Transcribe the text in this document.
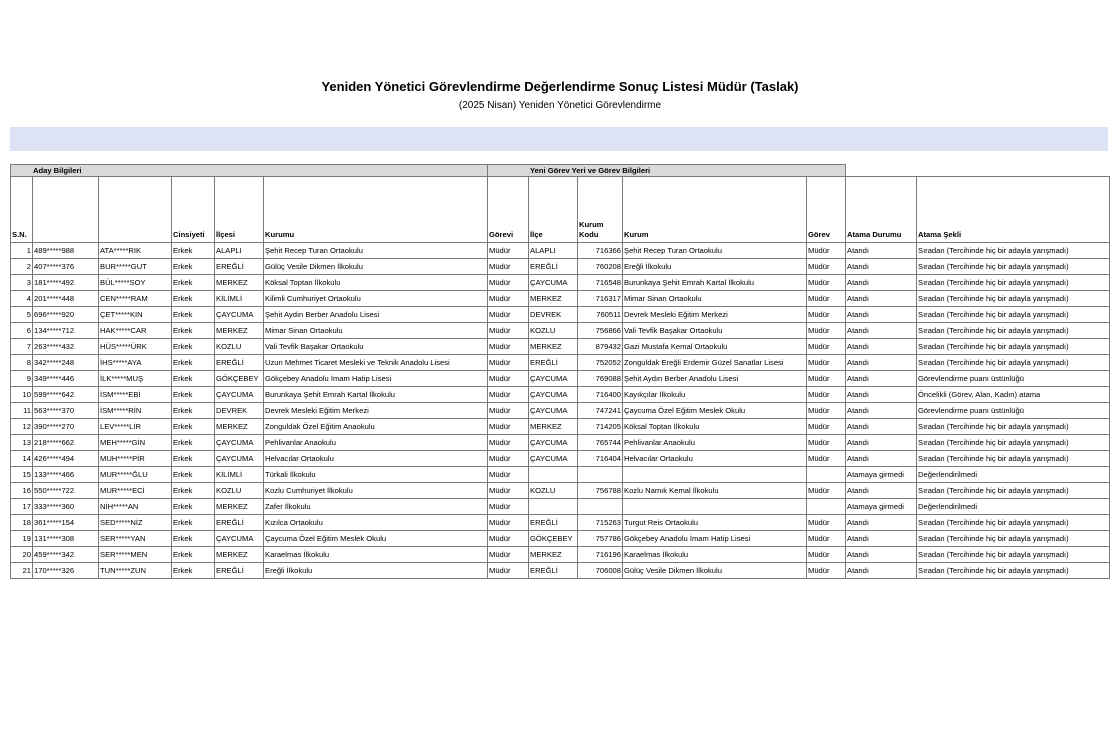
Yeniden Yönetici Görevlendirme Değerlendirme Sonuç Listesi Müdür (Taslak)
(2025 Nisan) Yeniden Yönetici Görevlendirme
Aday Bilgileri						Yeni Görev Yeri ve Görev Bilgileri						
S.N.			Cinsiyeti	İlçesi	Kurumu	Görevi	İlçe	Kurum Kodu	Kurum	Görev	Atama Durumu	Atama Şekli
1	489*****988	ATA*****RIK	Erkek	ALAPLI	Şehit Recep Turan Ortaokulu	Müdür	ALAPLI	716366	Şehit Recep Turan Ortaokulu	Müdür	Atandı	Sıradan (Tercihinde hiç bir adayla yarışmadı)
2	407*****376	BUR*****GUT	Erkek	EREĞLİ	Gülüç Vesile Dikmen İlkokulu	Müdür	EREĞLİ	760208	Ereğli İlkokulu	Müdür	Atandı	Sıradan (Tercihinde hiç bir adayla yarışmadı)
3	181*****492	BÜL*****SOY	Erkek	MERKEZ	Köksal Toptan İlkokulu	Müdür	ÇAYCUMA	716548	Burunkaya Şehit Emrah Kartal İlkokulu	Müdür	Atandı	Sıradan (Tercihinde hiç bir adayla yarışmadı)
4	201*****448	CEN*****RAM	Erkek	KİLİMLİ	Kilimli Cumhuriyet Ortaokulu	Müdür	MERKEZ	716317	Mimar Sinan Ortaokulu	Müdür	Atandı	Sıradan (Tercihinde hiç bir adayla yarışmadı)
5	696*****920	ÇET*****KIN	Erkek	ÇAYCUMA	Şehit Aydın Berber Anadolu Lisesi	Müdür	DEVREK	760511	Devrek Mesleki Eğitim Merkezi	Müdür	Atandı	Sıradan (Tercihinde hiç bir adayla yarışmadı)
6	134*****712	HAK*****CAR	Erkek	MERKEZ	Mimar Sinan Ortaokulu	Müdür	KOZLU	756866	Vali Tevfik Başakar Ortaokulu	Müdür	Atandı	Sıradan (Tercihinde hiç bir adayla yarışmadı)
7	263*****432	HÜS*****ÜRK	Erkek	KOZLU	Vali Tevfik Başakar Ortaokulu	Müdür	MERKEZ	879432	Gazi Mustafa Kemal Ortaokulu	Müdür	Atandı	Sıradan (Tercihinde hiç bir adayla yarışmadı)
8	342*****248	İHS*****AYA	Erkek	EREĞLİ	Uzun Mehmet Ticaret Mesleki ve Teknik Anadolu Lisesi	Müdür	EREĞLİ	752052	Zonguldak Ereğli Erdemir Güzel Sanatlar Lisesi	Müdür	Atandı	Sıradan (Tercihinde hiç bir adayla yarışmadı)
9	349*****446	İLK*****MUŞ	Erkek	GÖKÇEBEY	Gökçebey Anadolu İmam Hatip Lisesi	Müdür	ÇAYCUMA	769088	Şehit Aydın Berber Anadolu Lisesi	Müdür	Atandı	Görevlendirme puanı üstünlüğü
10	599*****642	İSM*****EBİ	Erkek	ÇAYCUMA	Burunkaya Şehit Emrah Kartal İlkokulu	Müdür	ÇAYCUMA	716400	Kayıkçılar İlkokulu	Müdür	Atandı	Öncelikli (Görev, Alan, Kadın) atama
11	563*****370	İSM*****RİN	Erkek	DEVREK	Devrek Mesleki Eğitim Merkezi	Müdür	ÇAYCUMA	747241	Çaycuma Özel Eğitim Meslek Okulu	Müdür	Atandı	Görevlendirme puanı üstünlüğü
12	390*****270	LEV*****LİR	Erkek	MERKEZ	Zonguldak Özel Eğitim Anaokulu	Müdür	MERKEZ	714205	Köksal Toptan İlkokulu	Müdür	Atandı	Sıradan (Tercihinde hiç bir adayla yarışmadı)
13	218*****662	MEH*****GİN	Erkek	ÇAYCUMA	Pehlivanlar Anaokulu	Müdür	ÇAYCUMA	765744	Pehlivanlar Anaokulu	Müdür	Atandı	Sıradan (Tercihinde hiç bir adayla yarışmadı)
14	426*****494	MUH*****PİR	Erkek	ÇAYCUMA	Helvacılar Ortaokulu	Müdür	ÇAYCUMA	716404	Helvacılar Ortaokulu	Müdür	Atandı	Sıradan (Tercihinde hiç bir adayla yarışmadı)
15	133*****466	MUR*****ĞLU	Erkek	KİLİMLİ	Türkali İlkokulu	Müdür					Atamaya girmedi	Değerlendirilmedi
16	550*****722	MUR*****ECİ	Erkek	KOZLU	Kozlu Cumhuriyet İlkokulu	Müdür	KOZLU	756788	Kozlu Namık Kemal İlkokulu	Müdür	Atandı	Sıradan (Tercihinde hiç bir adayla yarışmadı)
17	333*****360	NİH*****AN	Erkek	MERKEZ	Zafer İlkokulu	Müdür					Atamaya girmedi	Değerlendirilmedi
18	361*****154	SED*****NİZ	Erkek	EREĞLİ	Kızılca Ortaokulu	Müdür	EREĞLİ	715263	Turgut Reis Ortaokulu	Müdür	Atandı	Sıradan (Tercihinde hiç bir adayla yarışmadı)
19	131*****308	SER*****YAN	Erkek	ÇAYCUMA	Çaycuma Özel Eğitim Meslek Okulu	Müdür	GÖKÇEBEY	757786	Gökçebey Anadolu İmam Hatip Lisesi	Müdür	Atandı	Sıradan (Tercihinde hiç bir adayla yarışmadı)
20	459*****342	SER*****MEN	Erkek	MERKEZ	Karaelmas İlkokulu	Müdür	MERKEZ	716196	Karaelmas İlkokulu	Müdür	Atandı	Sıradan (Tercihinde hiç bir adayla yarışmadı)
21	170*****326	TUN*****ZUN	Erkek	EREĞLİ	Ereğli İlkokulu	Müdür	EREĞLİ	706008	Gülüç Vesile Dikmen İlkokulu	Müdür	Atandı	Sıradan (Tercihinde hiç bir adayla yarışmadı)
